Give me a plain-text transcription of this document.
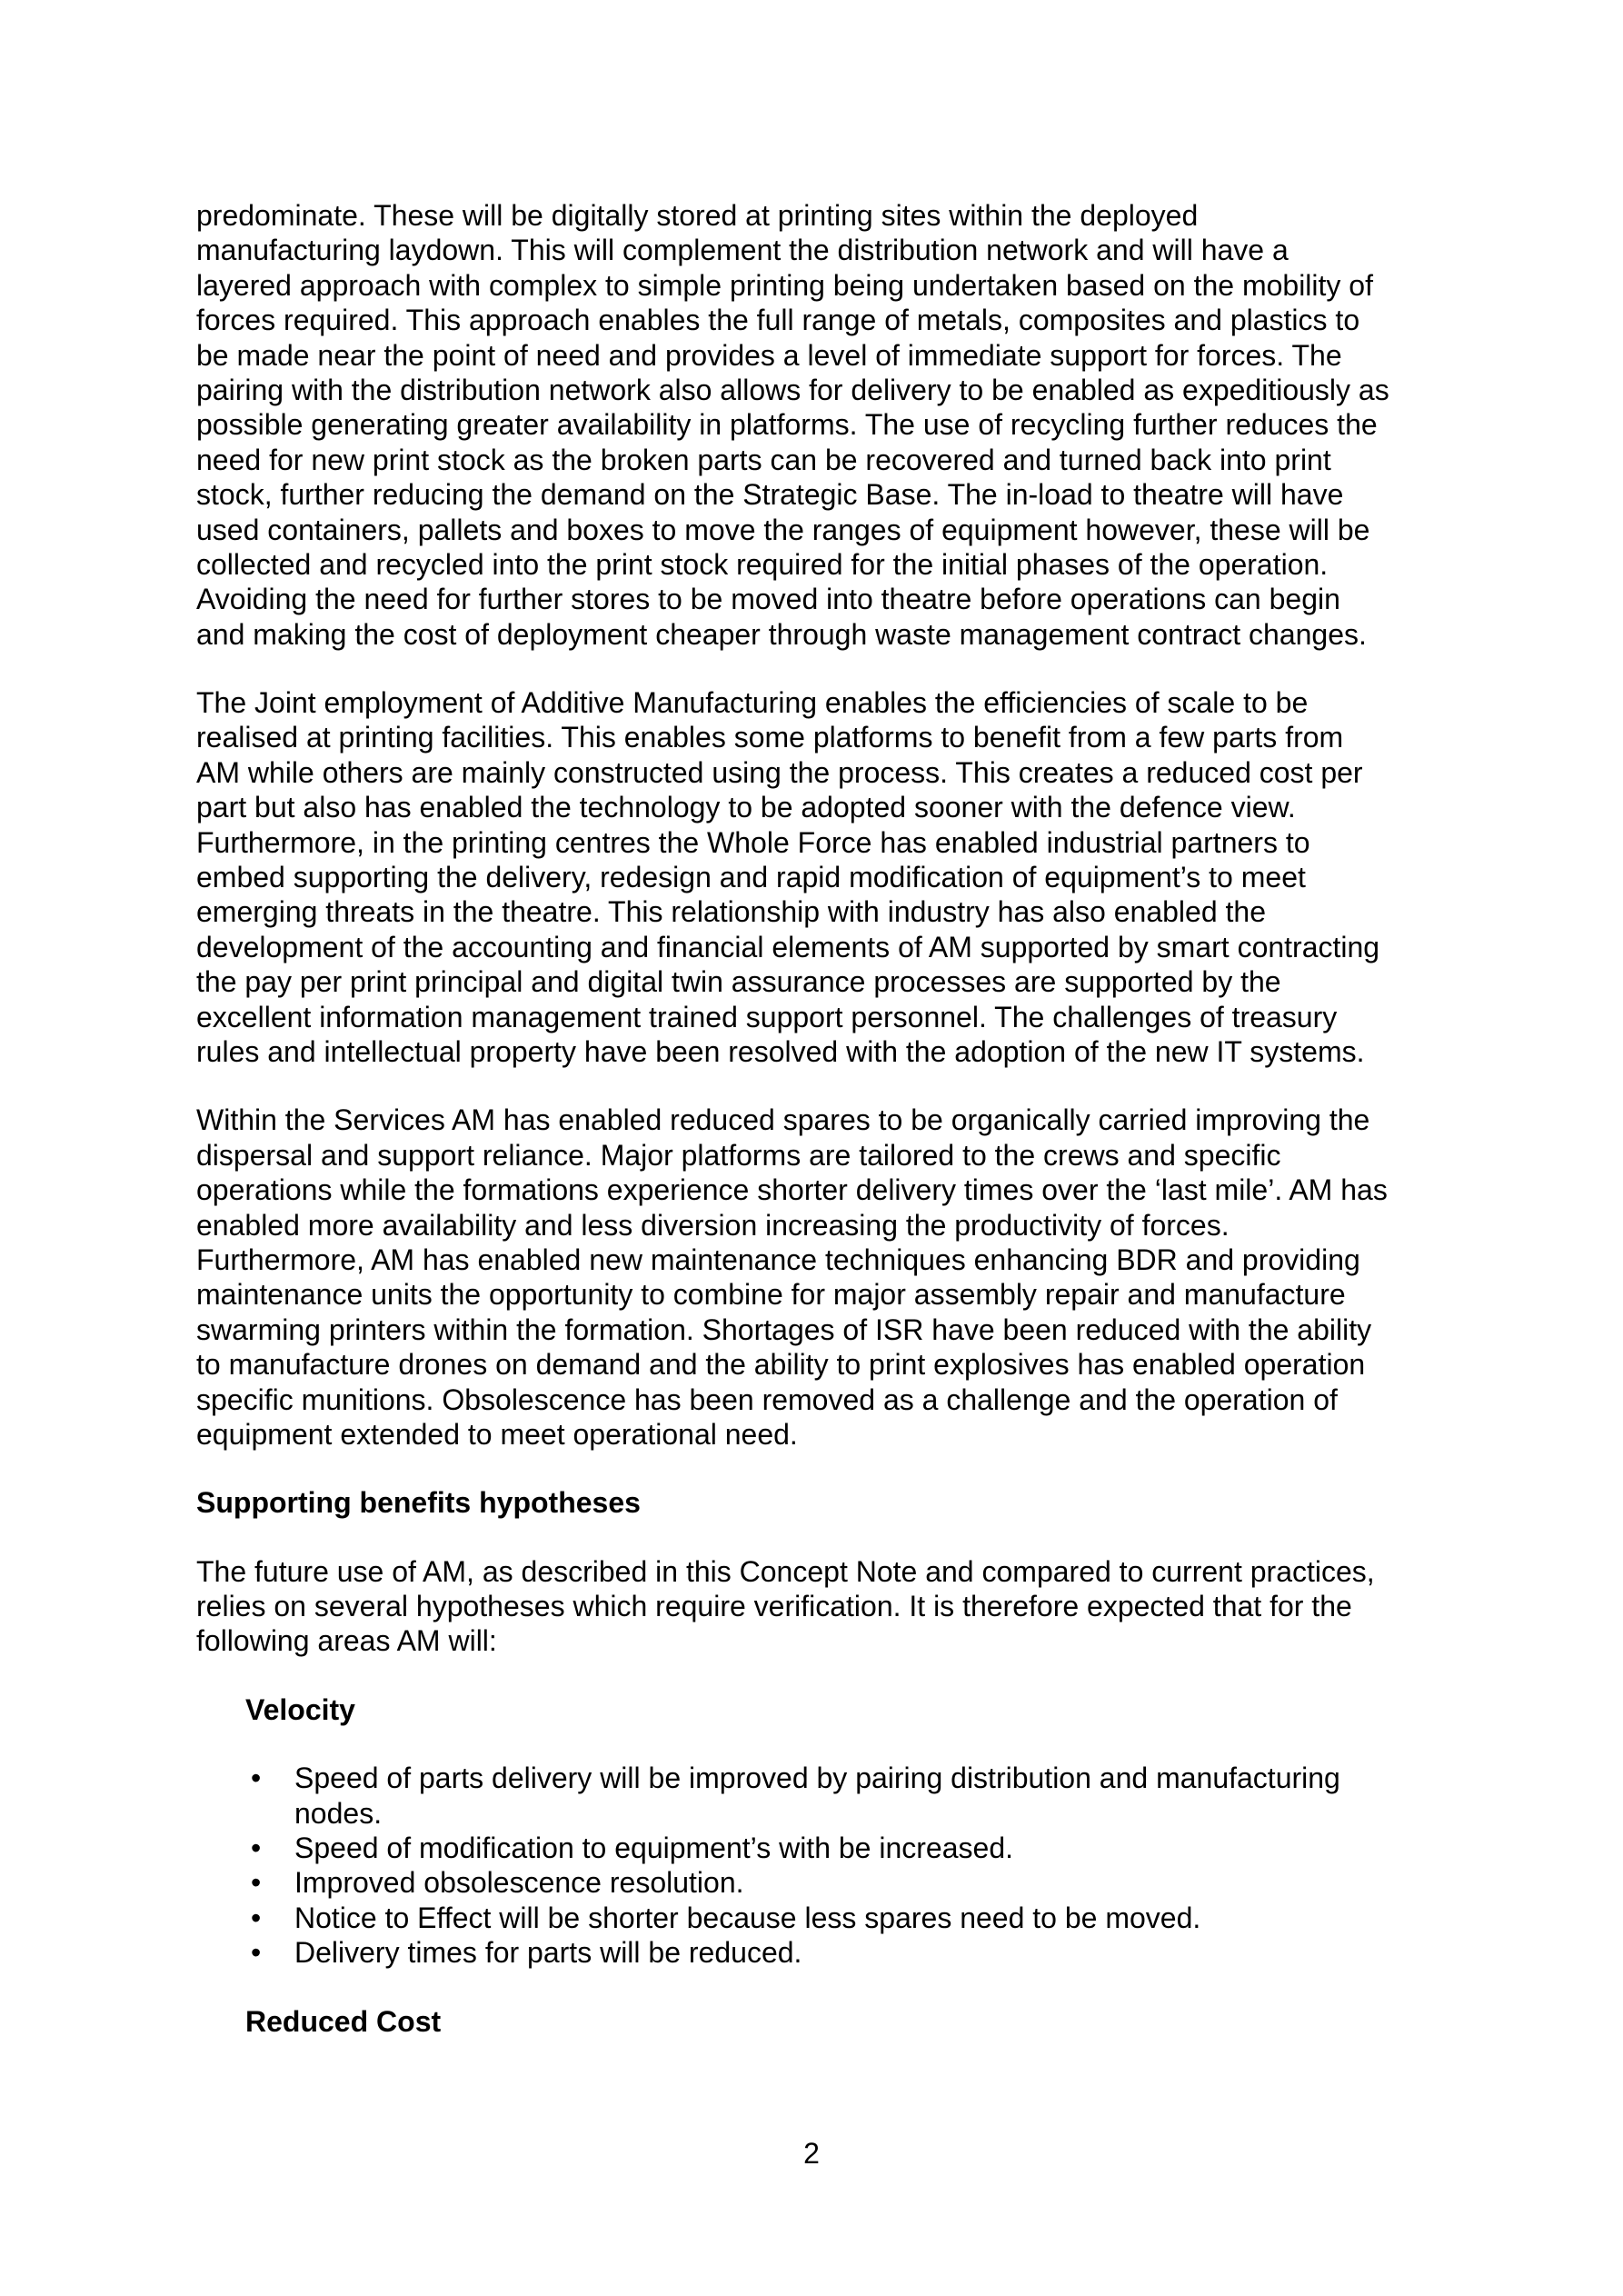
predominate. These will be digitally stored at printing sites within the deployed

manufacturing laydown. This will complement the distribution network and will have a

layered approach with complex to simple printing being undertaken based on the mobility of

forces required. This approach enables the full range of metals, composites and plastics to

be made near the point of need and provides a level of immediate support for forces. The

pairing with the distribution network also allows for delivery to be enabled as expeditiously as

possible generating greater availability in platforms. The use of recycling further reduces the

need for new print stock as the broken parts can be recovered and turned back into print

stock, further reducing the demand on the Strategic Base. The in-load to theatre will have

used containers, pallets and boxes to move the ranges of equipment however, these will be

collected and recycled into the print stock required for the initial phases of the operation.

Avoiding the need for further stores to be moved into theatre before operations can begin

and making the cost of deployment cheaper through waste management contract changes.

The Joint employment of Additive Manufacturing enables the efficiencies of scale to be

realised at printing facilities. This enables some platforms to benefit from a few parts from

AM while others are mainly constructed using the process. This creates a reduced cost per

part but also has enabled the technology to be adopted sooner with the defence view.

Furthermore, in the printing centres the Whole Force has enabled industrial partners to

embed supporting the delivery, redesign and rapid modification of equipment’s to meet

emerging threats in the theatre. This relationship with industry has also enabled the

development of the accounting and financial elements of AM supported by smart contracting

the pay per print principal and digital twin assurance processes are supported by the

excellent information management trained support personnel. The challenges of treasury

rules and intellectual property have been resolved with the adoption of the new IT systems.

Within the Services AM has enabled reduced spares to be organically carried improving the

dispersal and support reliance. Major platforms are tailored to the crews and specific

operations while the formations experience shorter delivery times over the ‘last mile’. AM has

enabled more availability and less diversion increasing the productivity of forces.

Furthermore, AM has enabled new maintenance techniques enhancing BDR and providing

maintenance units the opportunity to combine for major assembly repair and manufacture

swarming printers within the formation. Shortages of ISR have been reduced with the ability

to manufacture drones on demand and the ability to print explosives has enabled operation

specific munitions. Obsolescence has been removed as a challenge and the operation of

equipment extended to meet operational need.

Supporting benefits hypotheses

The future use of AM, as described in this Concept Note and compared to current practices,

relies on several hypotheses which require verification. It is therefore expected that for the

following areas AM will:

Velocity
• Speed of parts delivery will be improved by pairing distribution and manufacturing

nodes.

• Speed of modification to equipment’s with be increased.

• Improved obsolescence resolution.

• Notice to Effect will be shorter because less spares need to be moved.

• Delivery times for parts will be reduced.

Reduced Cost
2
